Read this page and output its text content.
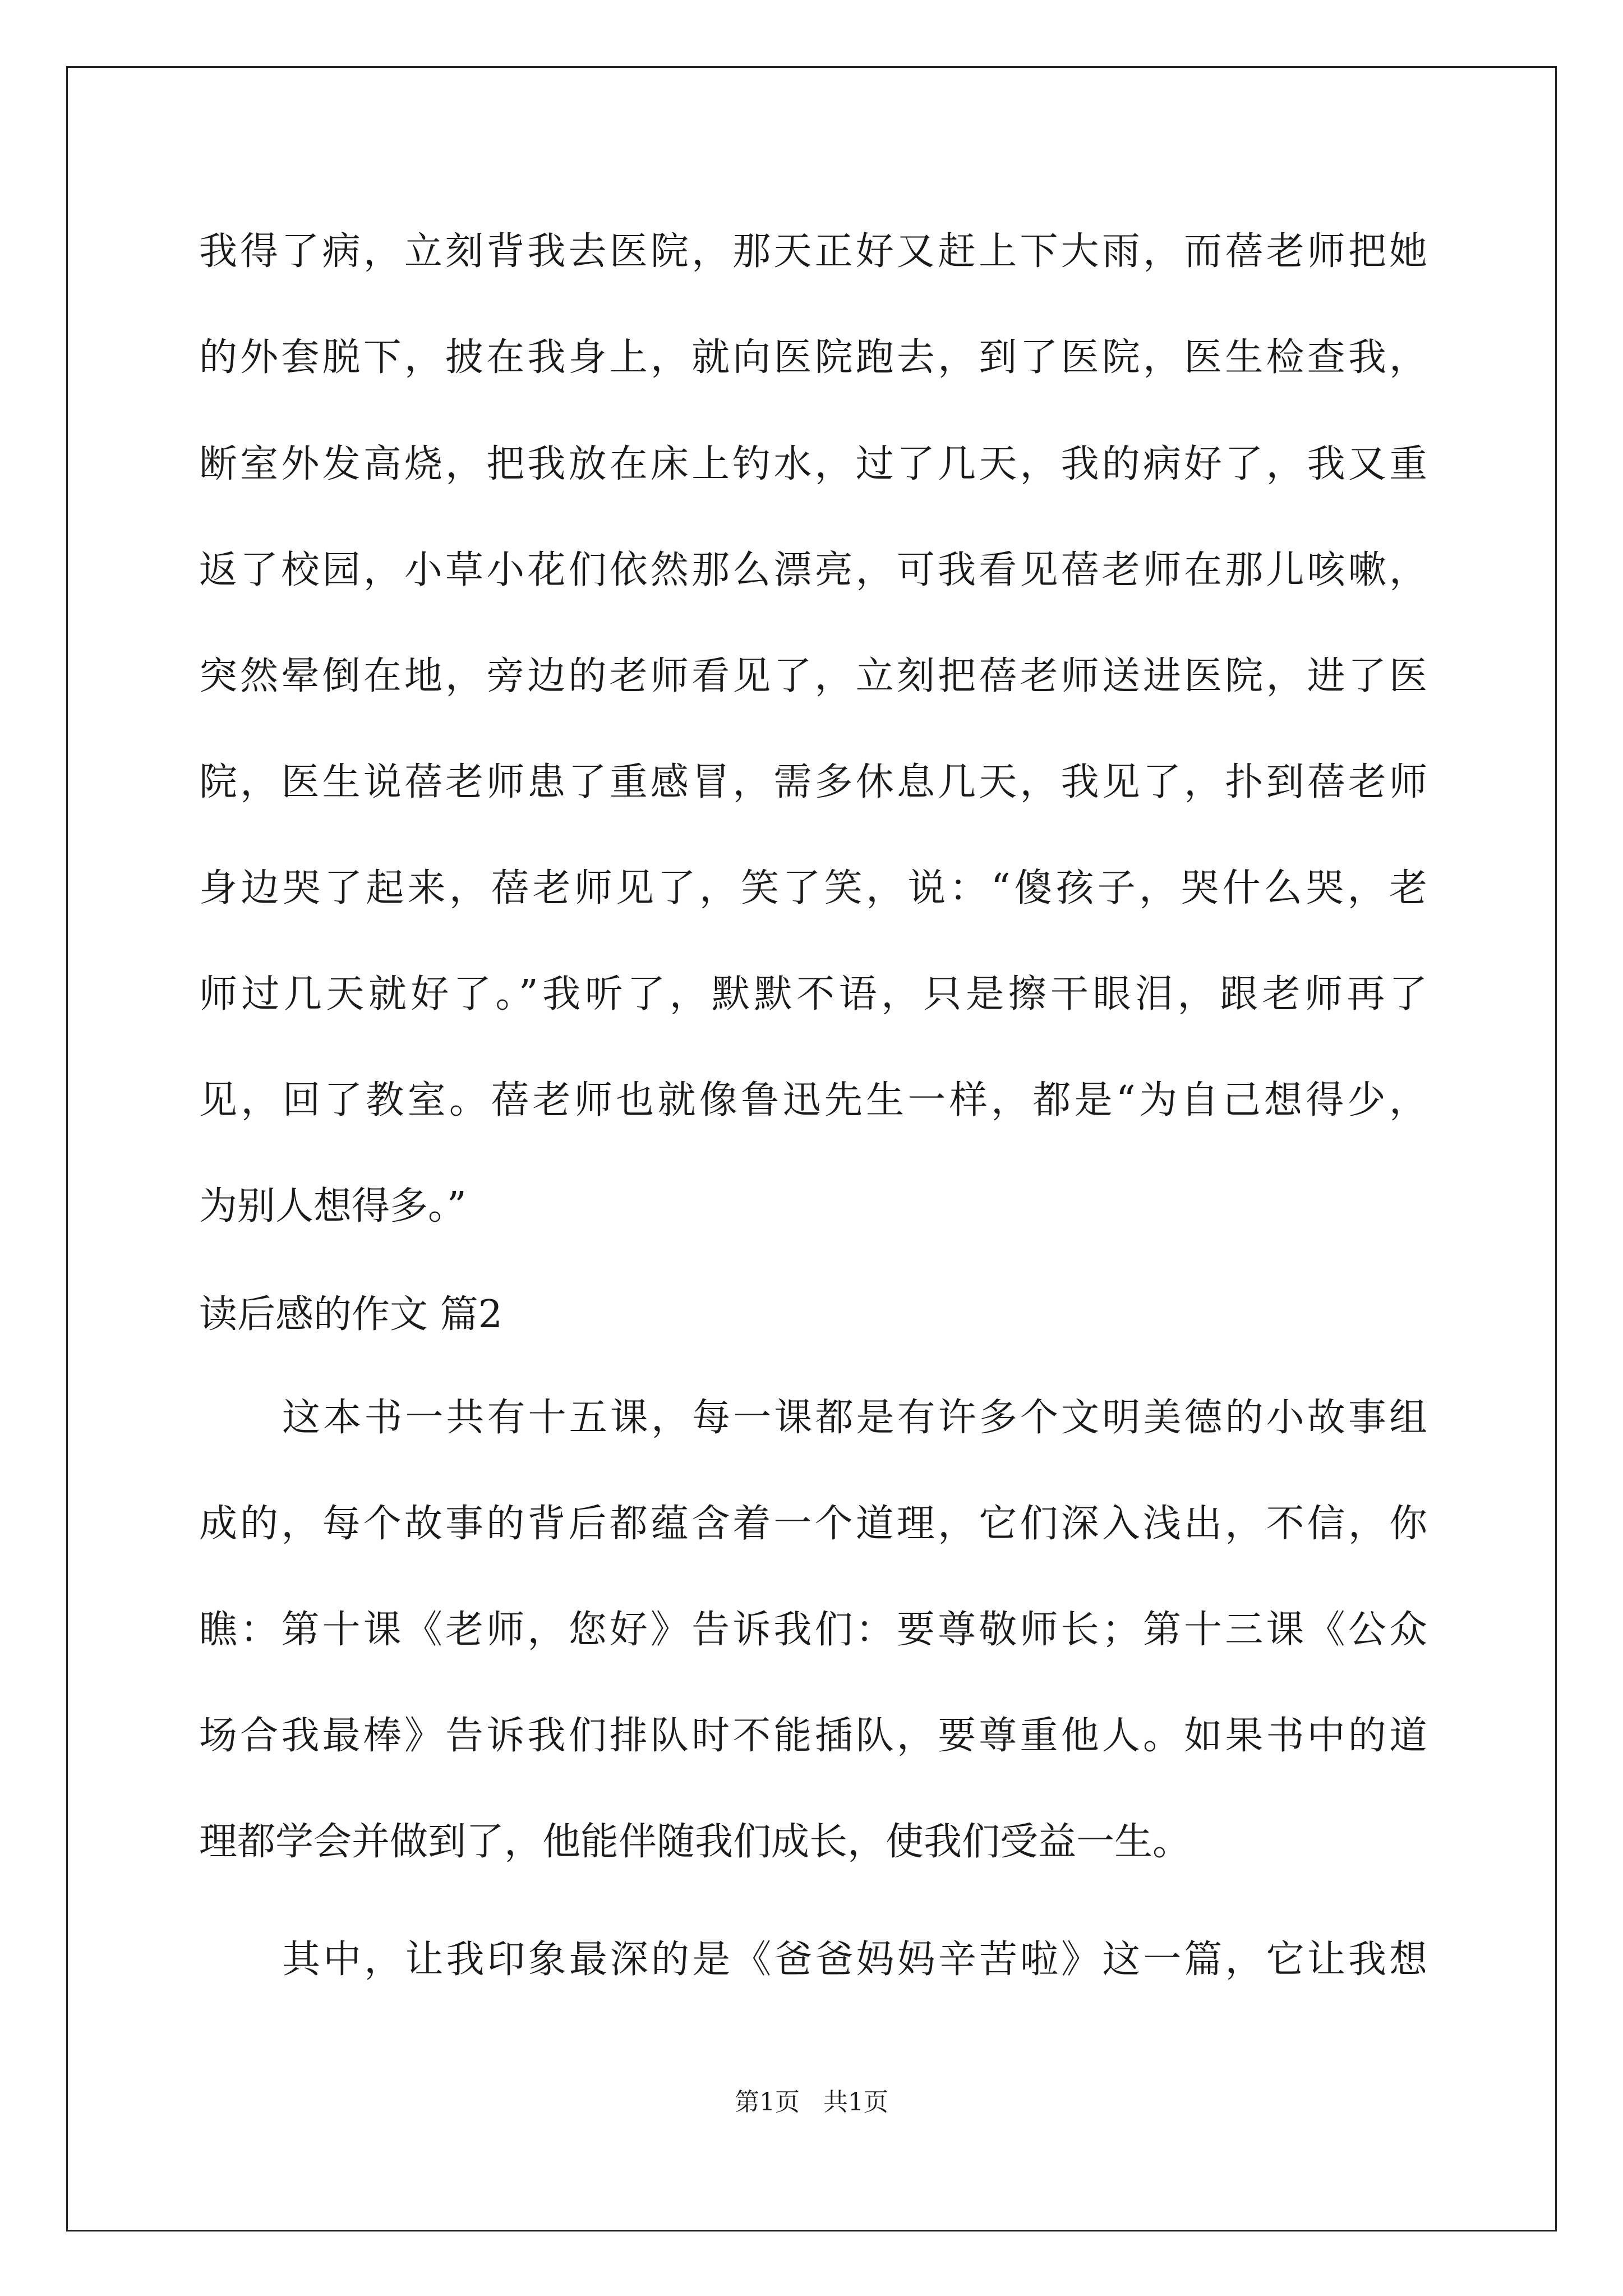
我得了病，立刻背我去医院，那天正好又赶上下大雨，而蓓老师把她
的外套脱下，披在我身上，就向医院跑去，到了医院，医生检查我，
断室外发高烧，把我放在床上钓水，过了几天，我的病好了，我又重
返了校园，小草小花们依然那么漂亮，可我看见蓓老师在那儿咳嗽，
突然晕倒在地，旁边的老师看见了，立刻把蓓老师送进医院，进了医
院，医生说蓓老师患了重感冒，需多休息几天，我见了，扑到蓓老师
身边哭了起来，蓓老师见了，笑了笑，说：“傻孩子，哭什么哭，老
师过几天就好了。”我听了，默默不语，只是擦干眼泪，跟老师再了
见，回了教室。蓓老师也就像鲁迅先生一样，都是“为自己想得少，
为别人想得多。”
读后感的作文 篇2
这本书一共有十五课，每一课都是有许多个文明美德的小故事组
成的，每个故事的背后都蕴含着一个道理，它们深入浅出，不信，你
瞧：第十课《老师，您好》告诉我们：要尊敬师长；第十三课《公众
场合我最棒》告诉我们排队时不能插队，要尊重他人。如果书中的道
理都学会并做到了，他能伴随我们成长，使我们受益一生。
其中，让我印象最深的是《爸爸妈妈辛苦啦》这一篇，它让我想
第1页   共1页
